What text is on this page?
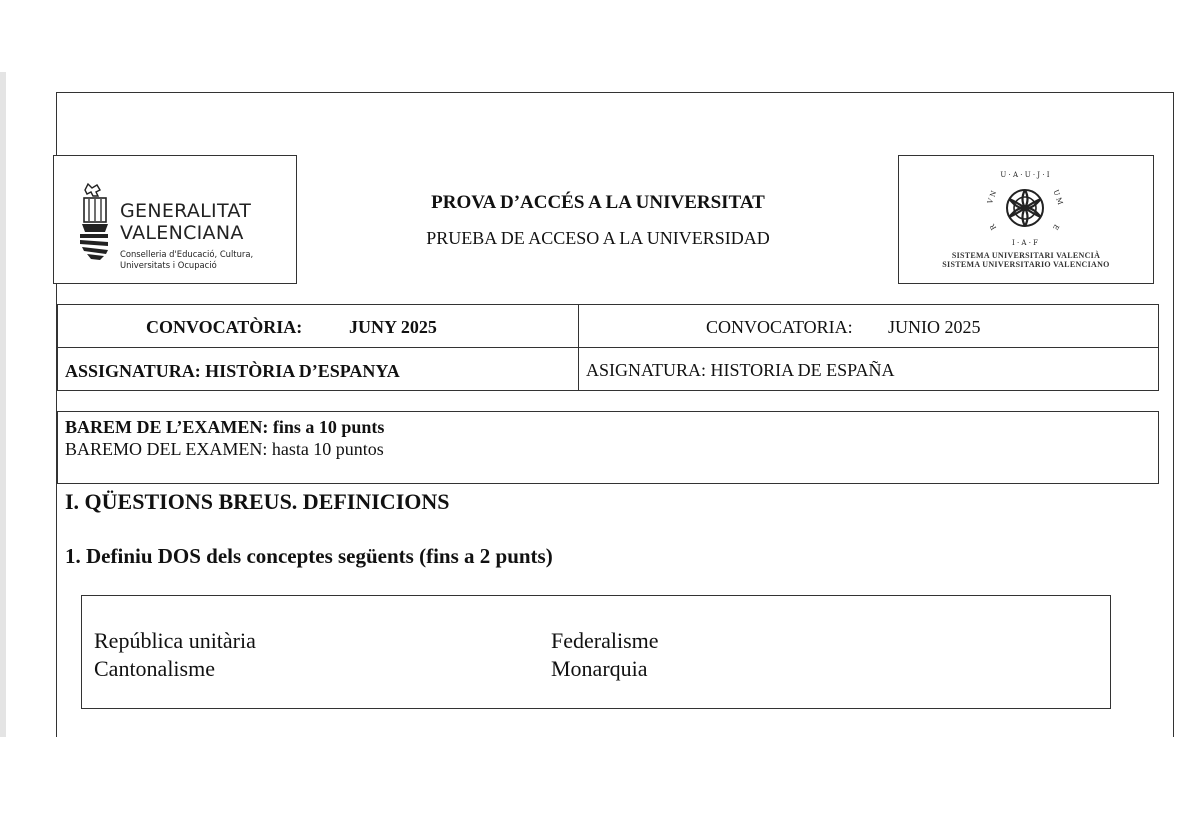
GENERALITAT
VALENCIANA
Conselleria d'Educació, Cultura,
Universitats i Ocupació
PROVA D’ACCÉS A LA UNIVERSITAT
PRUEBA DE ACCESO A LA UNIVERSIDAD
U · A · U · J · I
U M
E
I · A · F
R
V N
SISTEMA UNIVERSITARI VALENCIÀ
SISTEMA UNIVERSITARIO VALENCIANO
CONVOCATÒRIA:	JUNY 2025	CONVOCATORIA: JUNIO 2025
ASSIGNATURA: HISTÒRIA D’ESPANYA	ASIGNATURA: HISTORIA DE ESPAÑA
BAREM DE L’EXAMEN: fins a 10 punts
BAREMO DEL EXAMEN: hasta 10 puntos
I. QÜESTIONS BREUS. DEFINICIONS
1. Definiu DOS dels conceptes següents (fins a 2 punts)
República unitària	Federalisme
Cantonalisme	Monarquia
